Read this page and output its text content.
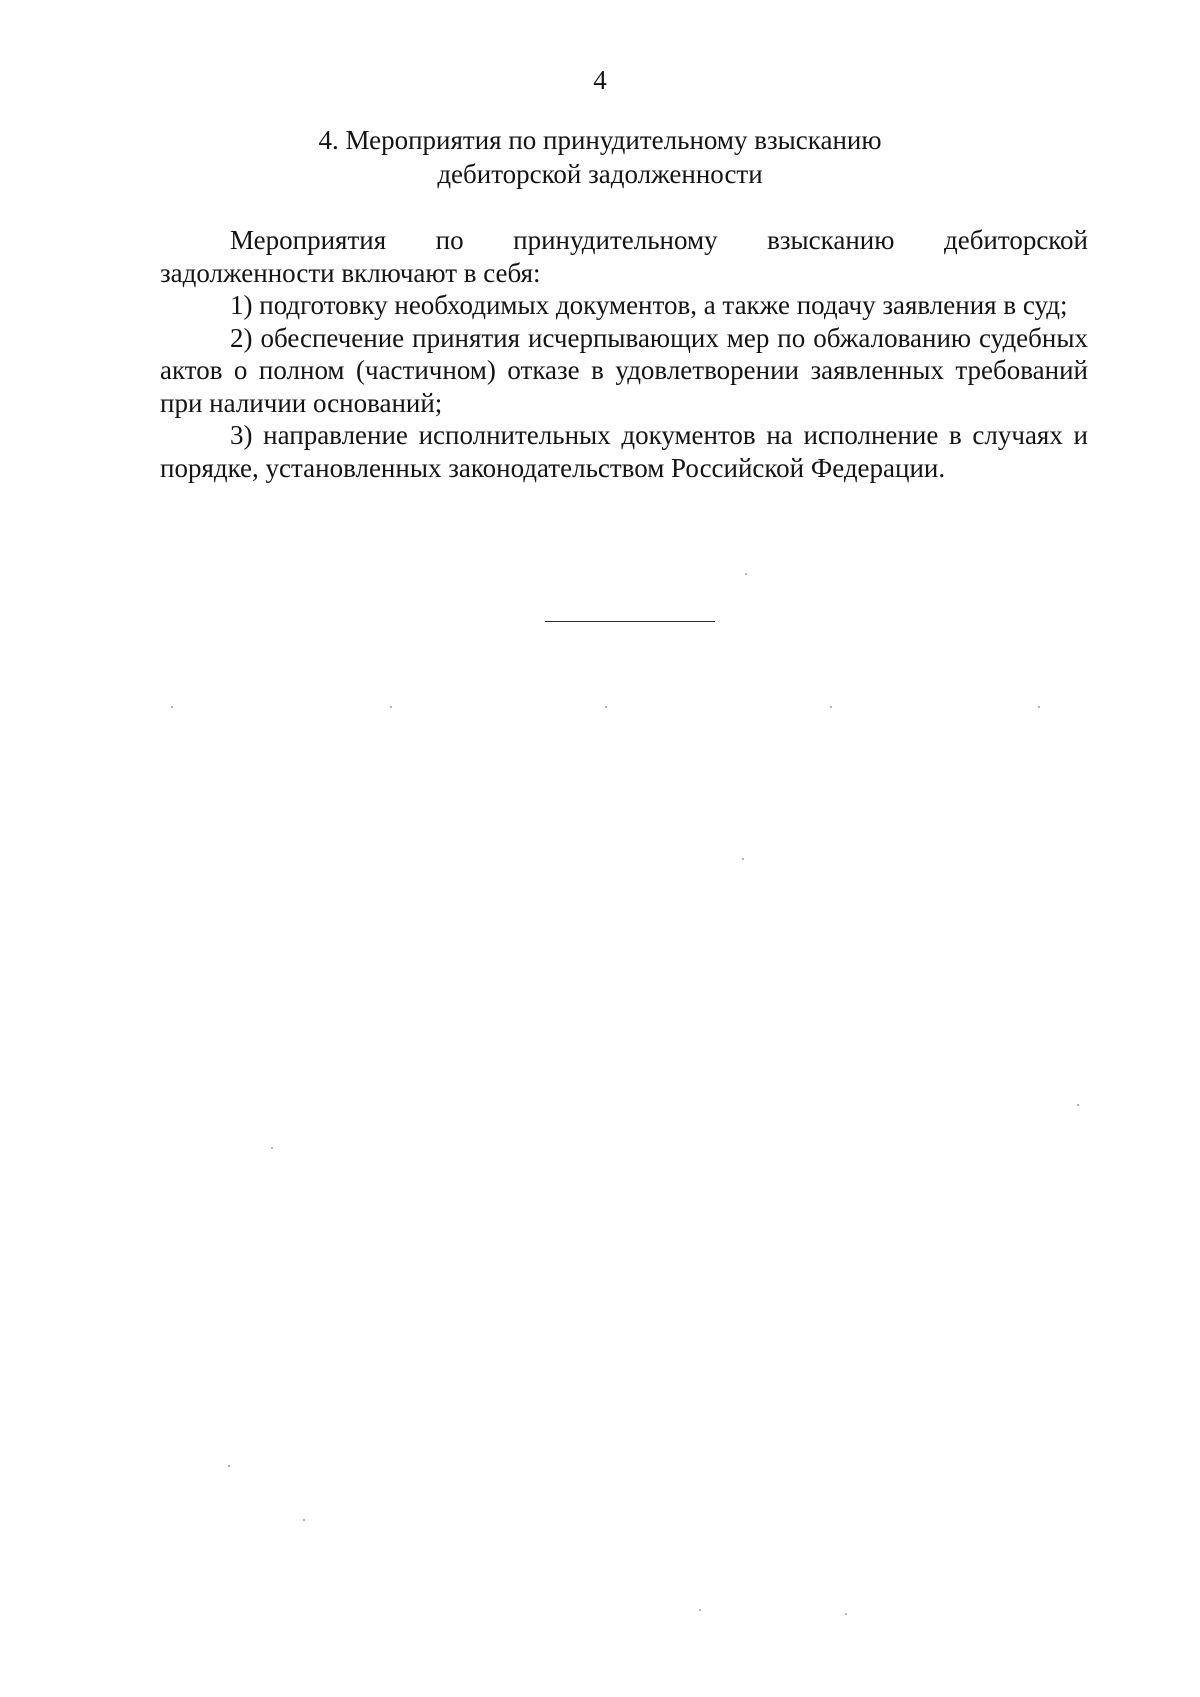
4
4. Мероприятия по принудительному взысканию
дебиторской задолженности

Мероприятия по принудительному взысканию дебиторской задолженности включают в себя:

1) подготовку необходимых документов, а также подачу заявления в суд;

2) обеспечение принятия исчерпывающих мер по обжалованию судебных актов о полном (частичном) отказе в удовлетворении заявленных требований при наличии оснований;

3) направление исполнительных документов на исполнение в случаях и порядке, установленных законодательством Российской Федерации.
